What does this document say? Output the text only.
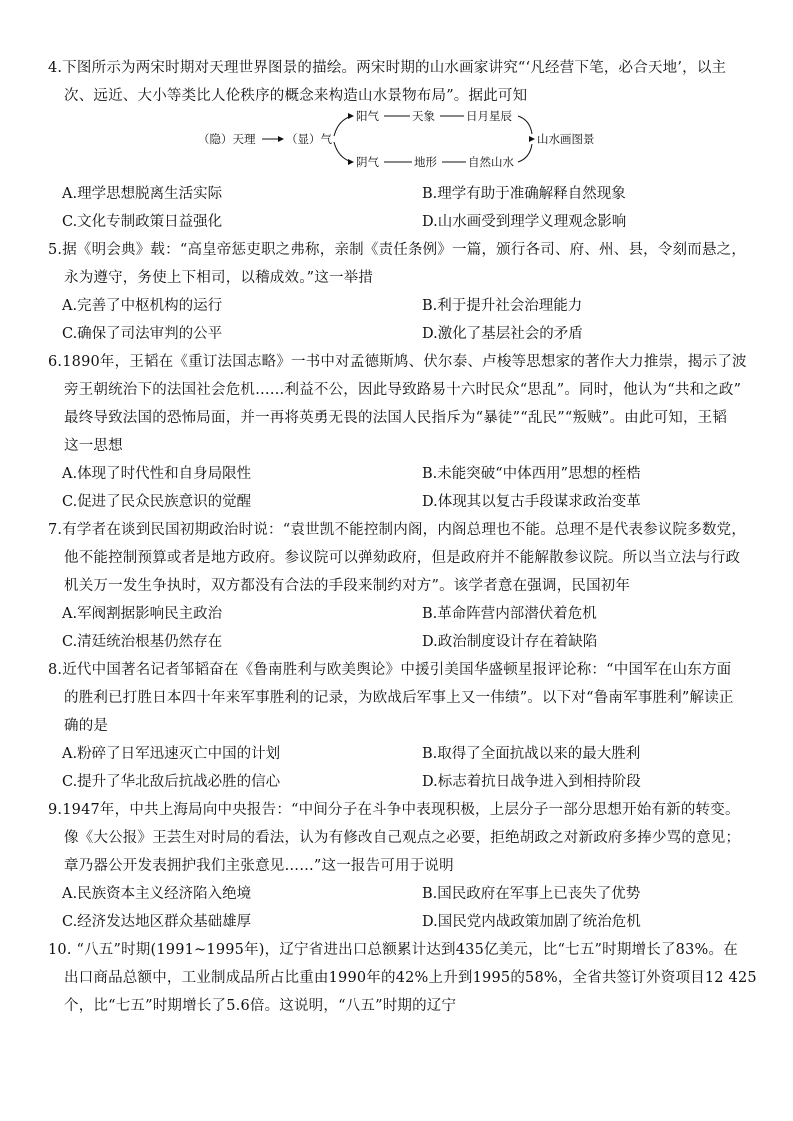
4.下图所示为两宋时期对天理世界图景的描绘。两宋时期的山水画家讲究“‘凡经营下笔，必合天地’，以主
次、远近、大小等类比人伦秩序的概念来构造山水景物布局”。据此可知
（隐）天理	（显）气
阳气	天象	日月星辰
阴气	地形	自然山水
山水画图景
A.理学思想脱离生活实际	B.理学有助于准确解释自然现象
C.文化专制政策日益强化	D.山水画受到理学义理观念影响
5.据《明会典》载：“高皇帝惩吏职之弗称，亲制《责任条例》一篇，颁行各司、府、州、县，令刻而悬之，
永为遵守，务使上下相司，以稽成效。”这一举措
A.完善了中枢机构的运行	B.利于提升社会治理能力
C.确保了司法审判的公平	D.激化了基层社会的矛盾
6.1890年，王韬在《重订法国志略》一书中对孟德斯鸠、伏尔泰、卢梭等思想家的著作大力推崇，揭示了波
旁王朝统治下的法国社会危机……利益不公，因此导致路易十六时民众“思乱”。同时，他认为“共和之政”
最终导致法国的恐怖局面，并一再将英勇无畏的法国人民指斥为“暴徒”“乱民”“叛贼”。由此可知，王韬
这一思想
A.体现了时代性和自身局限性	B.未能突破“中体西用”思想的桎梏
C.促进了民众民族意识的觉醒	D.体现其以复古手段谋求政治变革
7.有学者在谈到民国初期政治时说：“袁世凯不能控制内阁，内阁总理也不能。总理不是代表参议院多数党，
他不能控制预算或者是地方政府。参议院可以弹劾政府，但是政府并不能解散参议院。所以当立法与行政
机关万一发生争执时，双方都没有合法的手段来制约对方”。该学者意在强调，民国初年
A.军阀割据影响民主政治	B.革命阵营内部潜伏着危机
C.清廷统治根基仍然存在	D.政治制度设计存在着缺陷
8.近代中国著名记者邹韬奋在《鲁南胜利与欧美舆论》中援引美国华盛顿星报评论称：“中国军在山东方面
的胜利已打胜日本四十年来军事胜利的记录，为欧战后军事上又一伟绩”。以下对“鲁南军事胜利”解读正
确的是
A.粉碎了日军迅速灭亡中国的计划	B.取得了全面抗战以来的最大胜利
C.提升了华北敌后抗战必胜的信心	D.标志着抗日战争进入到相持阶段
9.1947年，中共上海局向中央报告：“中间分子在斗争中表现积极，上层分子一部分思想开始有新的转变。
像《大公报》王芸生对时局的看法，认为有修改自己观点之必要，拒绝胡政之对新政府多捧少骂的意见；
章乃器公开发表拥护我们主张意见……”这一报告可用于说明
A.民族资本主义经济陷入绝境	B.国民政府在军事上已丧失了优势
C.经济发达地区群众基础雄厚	D.国民党内战政策加剧了统治危机
10. “八五”时期(1991~1995年)，辽宁省进出口总额累计达到435亿美元，比“七五”时期增长了83%。在
出口商品总额中，工业制成品所占比重由1990年的42%上升到1995的58%，全省共签订外资项目12 425
个，比“七五”时期增长了5.6倍。这说明，“八五”时期的辽宁
